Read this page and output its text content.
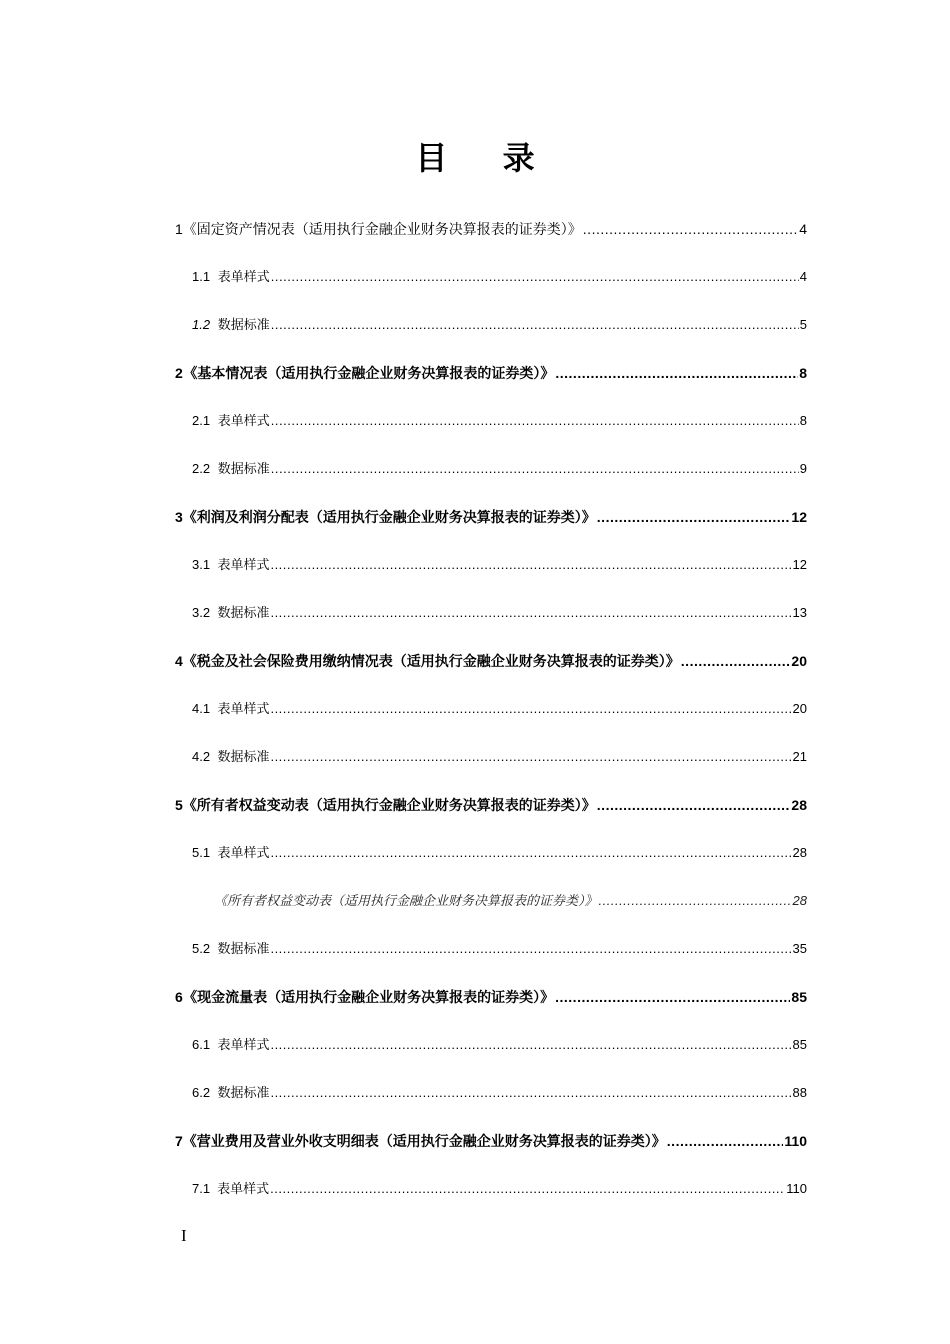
目 录
1 《固定资产情况表（适用执行金融企业财务决算报表的证券类）》 .....	4
1.1 表单样式 .....	4
1.2 数据标准 .....	5
2 《基本情况表（适用执行金融企业财务决算报表的证券类）》 .....	8
2.1 表单样式 .....	8
2.2 数据标准 .....	9
3 《利润及利润分配表（适用执行金融企业财务决算报表的证券类）》 .....	12
3.1 表单样式 .....	12
3.2 数据标准 .....	13
4 《税金及社会保险费用缴纳情况表（适用执行金融企业财务决算报表的证券类）》 .....	20
4.1 表单样式 .....	20
4.2 数据标准 .....	21
5 《所有者权益变动表（适用执行金融企业财务决算报表的证券类）》 .....	28
5.1 表单样式 .....	28
《所有者权益变动表（适用执行金融企业财务决算报表的证券类）》 .....	28
5.2 数据标准 .....	35
6 《现金流量表（适用执行金融企业财务决算报表的证券类）》 .....	85
6.1 表单样式 .....	85
6.2 数据标准 .....	88
7 《营业费用及营业外收支明细表（适用执行金融企业财务决算报表的证券类）》 .....	110
7.1 表单样式 .....	110
I
